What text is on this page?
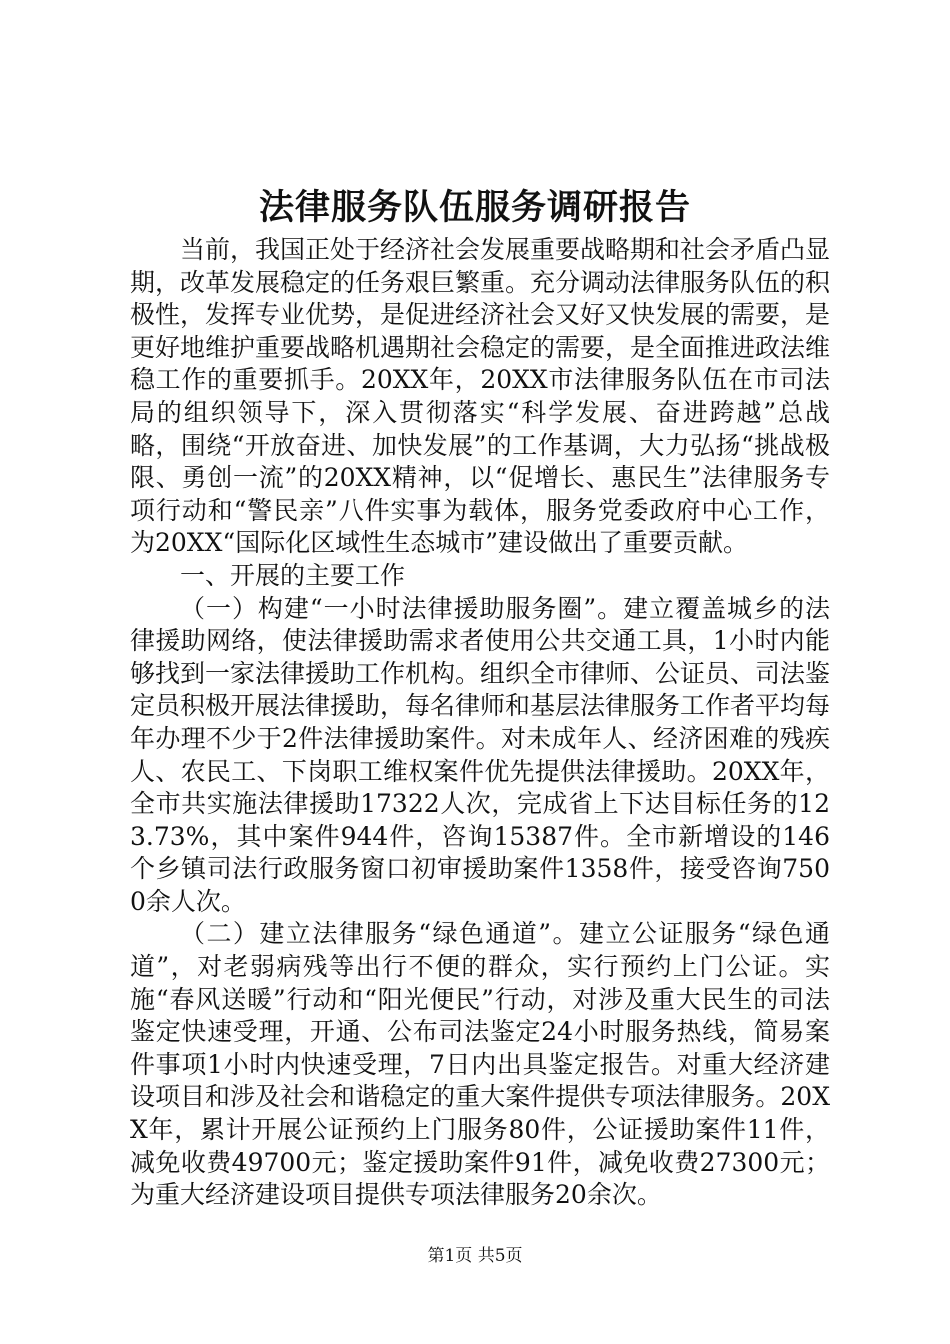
法律服务队伍服务调研报告

当前，我国正处于经济社会发展重要战略期和社会矛盾凸显期，改革发展稳定的任务艰巨繁重。充分调动法律服务队伍的积极性，发挥专业优势，是促进经济社会又好又快发展的需要，是更好地维护重要战略机遇期社会稳定的需要，是全面推进政法维稳工作的重要抓手。20XX年，20XX市法律服务队伍在市司法局的组织领导下，深入贯彻落实“科学发展、奋进跨越”总战略，围绕“开放奋进、加快发展”的工作基调，大力弘扬“挑战极限、勇创一流”的20XX精神，以“促增长、惠民生”法律服务专项行动和“警民亲”八件实事为载体，服务党委政府中心工作，为20XX“国际化区域性生态城市”建设做出了重要贡献。

一、开展的主要工作

（一）构建“一小时法律援助服务圈”。建立覆盖城乡的法律援助网络，使法律援助需求者使用公共交通工具，1小时内能够找到一家法律援助工作机构。组织全市律师、公证员、司法鉴定员积极开展法律援助，每名律师和基层法律服务工作者平均每年办理不少于2件法律援助案件。对未成年人、经济困难的残疾人、农民工、下岗职工维权案件优先提供法律援助。20XX年，全市共实施法律援助17322人次，完成省上下达目标任务的123.73%，其中案件944件，咨询15387件。全市新增设的146个乡镇司法行政服务窗口初审援助案件1358件，接受咨询7500余人次。

（二）建立法律服务“绿色通道”。建立公证服务“绿色通道”，对老弱病残等出行不便的群众，实行预约上门公证。实施“春风送暖”行动和“阳光便民”行动，对涉及重大民生的司法鉴定快速受理，开通、公布司法鉴定24小时服务热线，简易案件事项1小时内快速受理，7日内出具鉴定报告。对重大经济建设项目和涉及社会和谐稳定的重大案件提供专项法律服务。20XX年，累计开展公证预约上门服务80件，公证援助案件11件，减免收费49700元；鉴定援助案件91件，减免收费27300元；为重大经济建设项目提供专项法律服务20余次。

第1页 共5页
